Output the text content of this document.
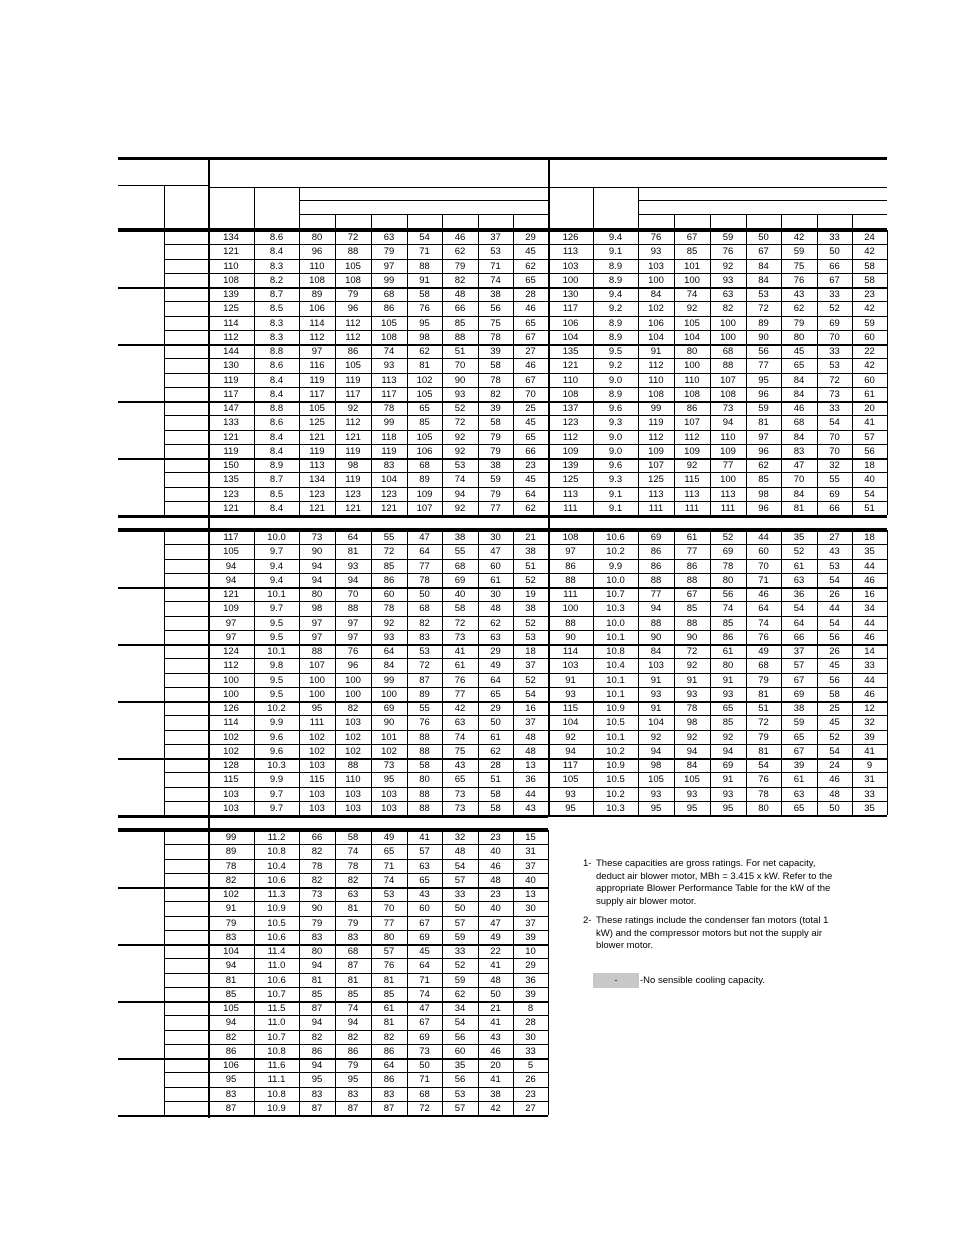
134	8.6	80	72	63	54	46	37	29
121	8.4	96	88	79	71	62	53	45
110	8.3	110	105	97	88	79	71	62
108	8.2	108	108	99	91	82	74	65
139	8.7	89	79	68	58	48	38	28
125	8.5	106	96	86	76	66	56	46
114	8.3	114	112	105	95	85	75	65
112	8.3	112	112	108	98	88	78	67
144	8.8	97	86	74	62	51	39	27
130	8.6	116	105	93	81	70	58	46
119	8.4	119	119	113	102	90	78	67
117	8.4	117	117	117	105	93	82	70
147	8.8	105	92	78	65	52	39	25
133	8.6	125	112	99	85	72	58	45
121	8.4	121	121	118	105	92	79	65
119	8.4	119	119	119	106	92	79	66
150	8.9	113	98	83	68	53	38	23
135	8.7	134	119	104	89	74	59	45
123	8.5	123	123	123	109	94	79	64
121	8.4	121	121	121	107	92	77	62
126	9.4	76	67	59	50	42	33	24
113	9.1	93	85	76	67	59	50	42
103	8.9	103	101	92	84	75	66	58
100	8.9	100	100	93	84	76	67	58
130	9.4	84	74	63	53	43	33	23
117	9.2	102	92	82	72	62	52	42
106	8.9	106	105	100	89	79	69	59
104	8.9	104	104	100	90	80	70	60
135	9.5	91	80	68	56	45	33	22
121	9.2	112	100	88	77	65	53	42
110	9.0	110	110	107	95	84	72	60
108	8.9	108	108	108	96	84	73	61
137	9.6	99	86	73	59	46	33	20
123	9.3	119	107	94	81	68	54	41
112	9.0	112	112	110	97	84	70	57
109	9.0	109	109	109	96	83	70	56
139	9.6	107	92	77	62	47	32	18
125	9.3	125	115	100	85	70	55	40
113	9.1	113	113	113	98	84	69	54
111	9.1	111	111	111	96	81	66	51
117	10.0	73	64	55	47	38	30	21
105	9.7	90	81	72	64	55	47	38
94	9.4	94	93	85	77	68	60	51
94	9.4	94	94	86	78	69	61	52
121	10.1	80	70	60	50	40	30	19
109	9.7	98	88	78	68	58	48	38
97	9.5	97	97	92	82	72	62	52
97	9.5	97	97	93	83	73	63	53
124	10.1	88	76	64	53	41	29	18
112	9.8	107	96	84	72	61	49	37
100	9.5	100	100	99	87	76	64	52
100	9.5	100	100	100	89	77	65	54
126	10.2	95	82	69	55	42	29	16
114	9.9	111	103	90	76	63	50	37
102	9.6	102	102	101	88	74	61	48
102	9.6	102	102	102	88	75	62	48
128	10.3	103	88	73	58	43	28	13
115	9.9	115	110	95	80	65	51	36
103	9.7	103	103	103	88	73	58	44
103	9.7	103	103	103	88	73	58	43
108	10.6	69	61	52	44	35	27	18
97	10.2	86	77	69	60	52	43	35
86	9.9	86	86	78	70	61	53	44
88	10.0	88	88	80	71	63	54	46
111	10.7	77	67	56	46	36	26	16
100	10.3	94	85	74	64	54	44	34
88	10.0	88	88	85	74	64	54	44
90	10.1	90	90	86	76	66	56	46
114	10.8	84	72	61	49	37	26	14
103	10.4	103	92	80	68	57	45	33
91	10.1	91	91	91	79	67	56	44
93	10.1	93	93	93	81	69	58	46
115	10.9	91	78	65	51	38	25	12
104	10.5	104	98	85	72	59	45	32
92	10.1	92	92	92	79	65	52	39
94	10.2	94	94	94	81	67	54	41
117	10.9	98	84	69	54	39	24	9
105	10.5	105	105	91	76	61	46	31
93	10.2	93	93	93	78	63	48	33
95	10.3	95	95	95	80	65	50	35
99	11.2	66	58	49	41	32	23	15
89	10.8	82	74	65	57	48	40	31
78	10.4	78	78	71	63	54	46	37
82	10.6	82	82	74	65	57	48	40
102	11.3	73	63	53	43	33	23	13
91	10.9	90	81	70	60	50	40	30
79	10.5	79	79	77	67	57	47	37
83	10.6	83	83	80	69	59	49	39
104	11.4	80	68	57	45	33	22	10
94	11.0	94	87	76	64	52	41	29
81	10.6	81	81	81	71	59	48	36
85	10.7	85	85	85	74	62	50	39
105	11.5	87	74	61	47	34	21	8
94	11.0	94	94	81	67	54	41	28
82	10.7	82	82	82	69	56	43	30
86	10.8	86	86	86	73	60	46	33
106	11.6	94	79	64	50	35	20	5
95	11.1	95	95	86	71	56	41	26
83	10.8	83	83	83	68	53	38	23
87	10.9	87	87	87	72	57	42	27
1- These capacities are gross ratings. For net capacity, deduct air blower motor, MBh = 3.415 x kW. Refer to the appropriate Blower Performance Table for the kW of the supply air blower motor.
2- These ratings include the condenser fan motors (total 1 kW) and the compressor motors but not the supply air blower motor.
-	-No sensible cooling capacity.
